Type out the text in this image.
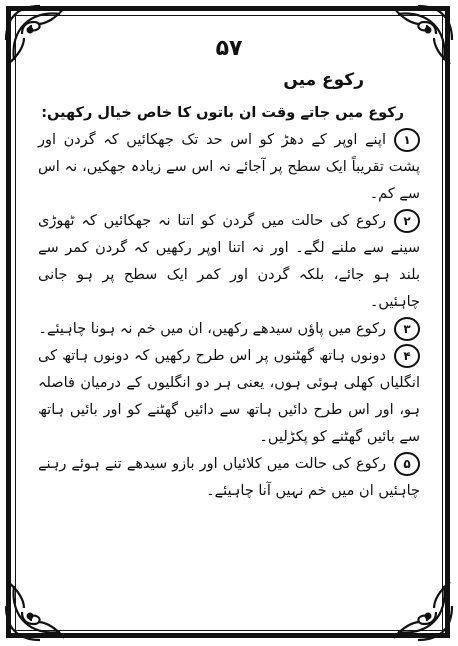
۵۷
رکوع میں

رکوع میں جاتے وقت ان باتوں کا خاص خیال رکھیں:

۱اپنے اوپر کے دھڑ کو اس حد تک جھکائیں کہ گردن اور پشت تقریباً ایک سطح پر آجائے نہ اس سے زیادہ جھکیں، نہ اس سے کم۔

۲رکوع کی حالت میں گردن کو اتنا نہ جھکائیں کہ ٹھوڑی سینے سے ملنے لگے۔ اور نہ اتنا اوپر رکھیں کہ گردن کمر سے بلند ہو جائے، بلکہ گردن اور کمر ایک سطح پر ہو جانی چاہئیں۔

۳رکوع میں پاؤں سیدھے رکھیں، ان میں خم نہ ہونا چاہیئے۔

۴دونوں ہاتھ گھٹنوں پر اس طرح رکھیں کہ دونوں ہاتھ کی انگلیاں کھلی ہوئی ہوں، یعنی ہر دو انگلیوں کے درمیان فاصلہ ہو، اور اس طرح دائیں ہاتھ سے دائیں گھٹنے کو اور بائیں ہاتھ سے بائیں گھٹنے کو پکڑلیں۔

۵رکوع کی حالت میں کلائیاں اور بازو سیدھے تنے ہوئے رہنے چاہئیں ان میں خم نہیں آنا چاہیئے۔
